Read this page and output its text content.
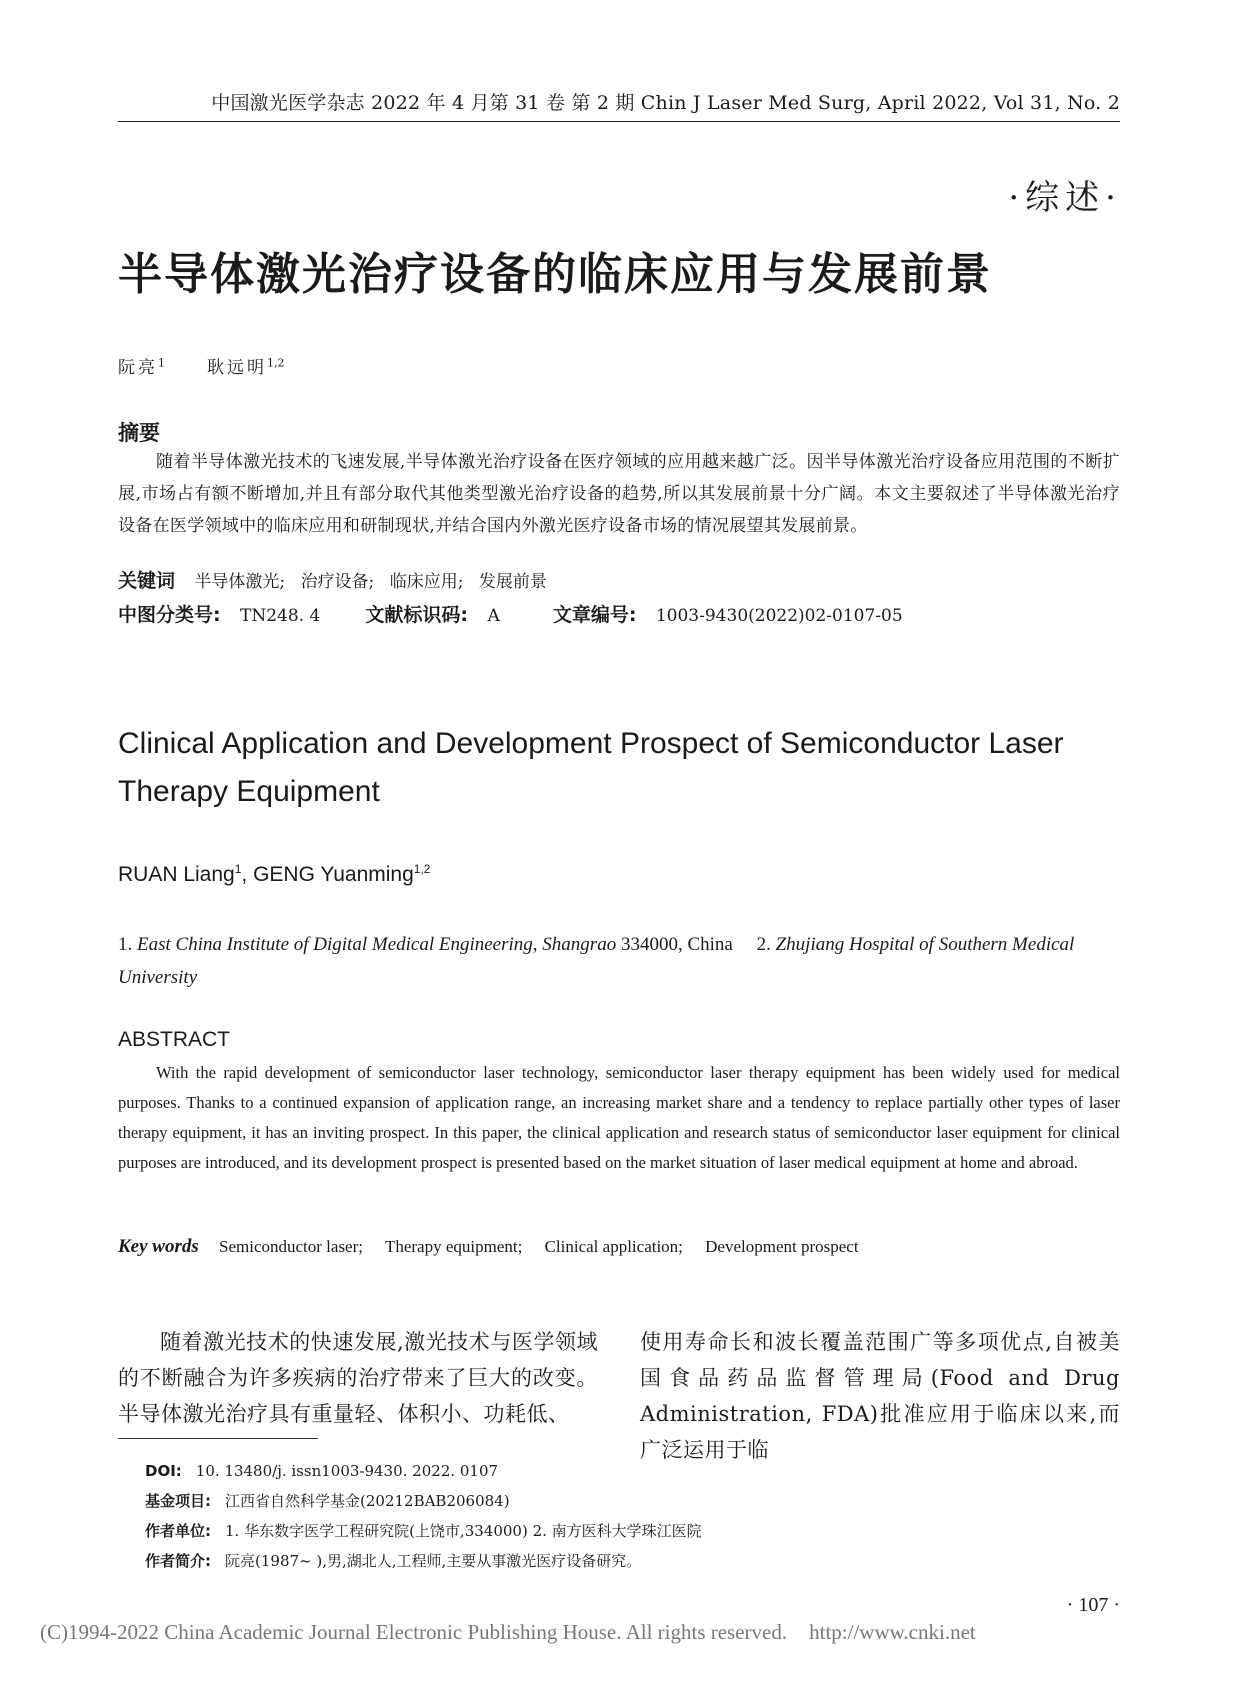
中国激光医学杂志 2022 年 4 月第 31 卷 第 2 期 Chin J Laser Med Surg, April 2022, Vol 31, No. 2
·综述·
半导体激光治疗设备的临床应用与发展前景
阮亮$^1$ 耿远明$^{1,2}$
摘要
随着半导体激光技术的飞速发展,半导体激光治疗设备在医疗领域的应用越来越广泛。因半导体激光治疗设备应用范围的不断扩展,市场占有额不断增加,并且有部分取代其他类型激光治疗设备的趋势,所以其发展前景十分广阔。本文主要叙述了半导体激光治疗设备在医学领域中的临床应用和研制现状,并结合国内外激光医疗设备市场的情况展望其发展前景。
关键词 半导体激光; 治疗设备; 临床应用; 发展前景
中图分类号: TN248. 4 文献标识码: A	文章编号: 1003-9430(2022)02-0107-05
Clinical Application and Development Prospect of Semiconductor Laser Therapy Equipment
RUAN Liang$^1$, GENG Yuanming$^{1,2}$
1. East China Institute of Digital Medical Engineering, Shangrao 334000, China 2. Zhujiang Hospital of Southern Medical University
ABSTRACT
With the rapid development of semiconductor laser technology, semiconductor laser therapy equipment has been widely used for medical purposes. Thanks to a continued expansion of application range, an increasing market share and a tendency to replace partially other types of laser therapy equipment, it has an inviting prospect. In this paper, the clinical application and research status of semiconductor laser equipment for clinical purposes are introduced, and its development prospect is presented based on the market situation of laser medical equipment at home and abroad.
Key words Semiconductor laser; Therapy equipment; Clinical application; Development prospect
随着激光技术的快速发展,激光技术与医学领域的不断融合为许多疾病的治疗带来了巨大的改变。半导体激光治疗具有重量轻、体积小、功耗低、
使用寿命长和波长覆盖范围广等多项优点,自被美国食品药品监督管理局(Food and Drug Administration, FDA)批准应用于临床以来,而广泛运用于临
DOI: 10. 13480/j. issn1003-9430. 2022. 0107
基金项目: 江西省自然科学基金(20212BAB206084)
作者单位: 1. 华东数字医学工程研究院(上饶市,334000) 2. 南方医科大学珠江医院
作者简介: 阮亮(1987~ ),男,湖北人,工程师,主要从事激光医疗设备研究。
· 107 ·
(C)1994-2022 China Academic Journal Electronic Publishing House. All rights reserved. http://www.cnki.net
